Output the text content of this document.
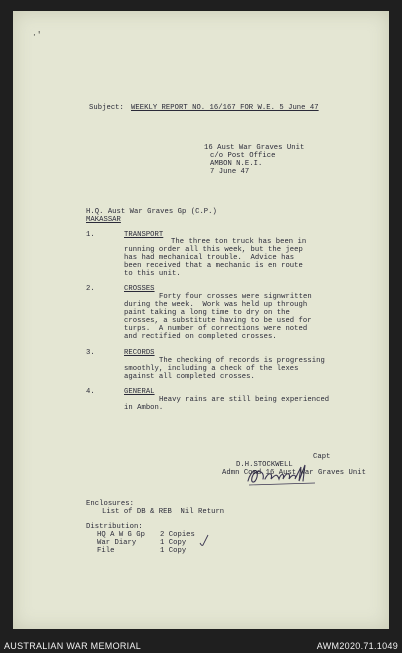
·'
Subject: WEEKLY REPORT NO. 16/167 FOR W.E. 5 June 47
16 Aust War Graves Unit
c/o Post Office
AMBON N.E.I.
7 June 47
H.Q. Aust War Graves Gp (C.P.)
MAKASSAR
1.	TRANSPORT
The three ton truck has been in
running order all this week, but the jeep
has had mechanical trouble.  Advice has
been received that a mechanic is en route
to this unit.
2.	CROSSES
Forty four crosses were signwritten
during the week.  Work was held up through
paint taking a long time to dry on the
crosses, a substitute having to be used for
turps.  A number of corrections were noted
and rectified on completed crosses.
3.	RECORDS
The checking of records is progressing
smoothly, including a check of the lexes
against all completed crosses.
4.	GENERAL
Heavy rains are still being experienced
in Ambon.
Capt
D.H.STOCKWELL
Admn Comd 16 Aust War Graves Unit
Enclosures:
List of DB & REB  Nil Return
Distribution:
HQ A W G Gp 2 Copies
War Diary	1 Copy
File	1 Copy
AUSTRALIAN WAR MEMORIAL	AWM2020.71.1049
